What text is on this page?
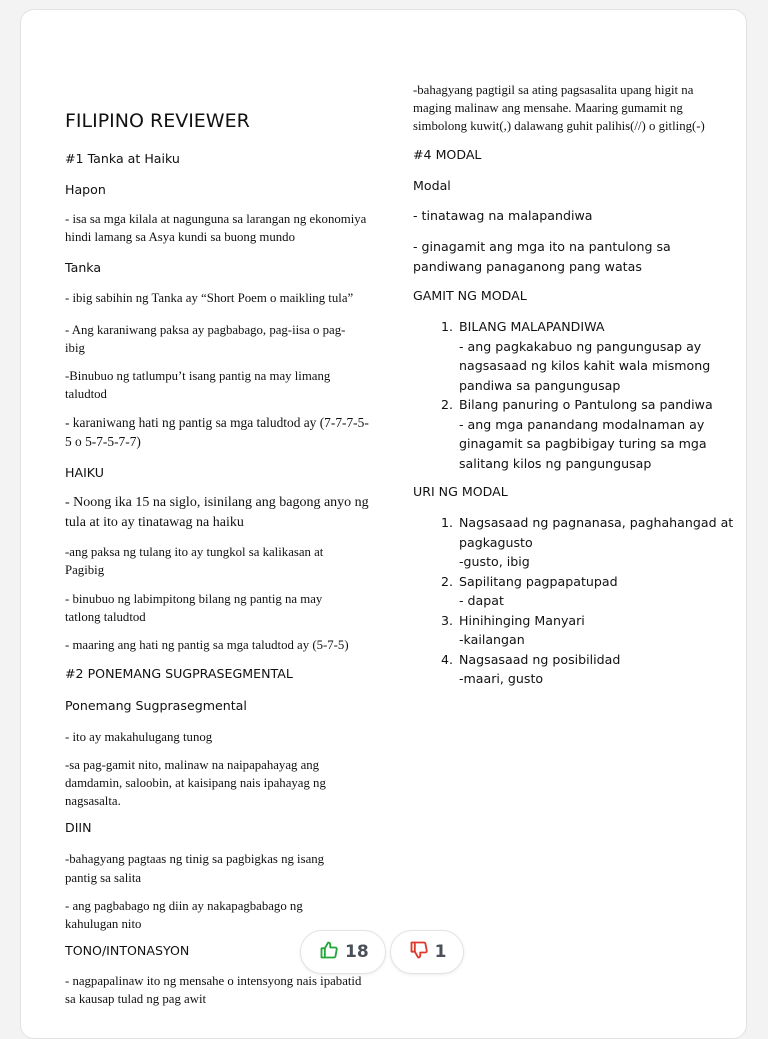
FILIPINO REVIEWER
#1 Tanka at Haiku
Hapon
- isa sa mga kilala at nagunguna sa larangan ng ekonomiya hindi lamang sa Asya kundi sa buong mundo
Tanka
- ibig sabihin ng Tanka ay “Short Poem o maikling tula”
- Ang karaniwang paksa ay pagbabago, pag-iisa o pag-ibig
-Binubuo ng tatlumpu’t isang pantig na may limang taludtod
- karaniwang hati ng pantig sa mga taludtod ay (7-7-7-5-5 o 5-7-5-7-7)
HAIKU
- Noong ika 15 na siglo, isinilang ang bagong anyo ng tula at ito ay tinatawag na haiku
-ang paksa ng tulang ito ay tungkol sa kalikasan at Pagibig
- binubuo ng labimpitong bilang ng pantig na may tatlong taludtod
- maaring ang hati ng pantig sa mga taludtod ay (5-7-5)
#2 PONEMANG SUGPRASEGMENTAL
Ponemang Sugprasegmental
- ito ay makahulugang tunog
-sa pag-gamit nito, malinaw na naipapahayag ang damdamin, saloobin, at kaisipang nais ipahayag ng nagsasalta.
DIIN
-bahagyang pagtaas ng tinig sa pagbigkas ng isang pantig sa salita
- ang pagbabago ng diin ay nakapagbabago ng kahulugan nito
TONO/INTONASYON
- nagpapalinaw ito ng mensahe o intensyong nais ipabatid sa kausap tulad ng pag awit
-bahagyang pagtigil sa ating pagsasalita upang higit na maging malinaw ang mensahe. Maaring gumamit ng simbolong kuwit(,) dalawang guhit palihis(//) o gitling(-)
#4 MODAL
Modal
- tinatawag na malapandiwa
- ginagamit ang mga ito na pantulong sa pandiwang panaganong pang watas
GAMIT NG MODAL
1. BILANG MALAPANDIWA
- ang pagkakabuo ng pangungusap ay nagsasaad ng kilos kahit wala mismong pandiwa sa pangungusap
2. Bilang panuring o Pantulong sa pandiwa
- ang mga panandang modalnaman ay ginagamit sa pagbibigay turing sa mga salitang kilos ng pangungusap
URI NG MODAL
1. Nagsasaad ng pagnanasa, paghahangad at pagkagusto
-gusto, ibig
2. Sapilitang pagpapatupad
- dapat
3. Hinihinging Manyari
-kailangan
4. Nagsasaad ng posibilidad
-maari, gusto
18	1
